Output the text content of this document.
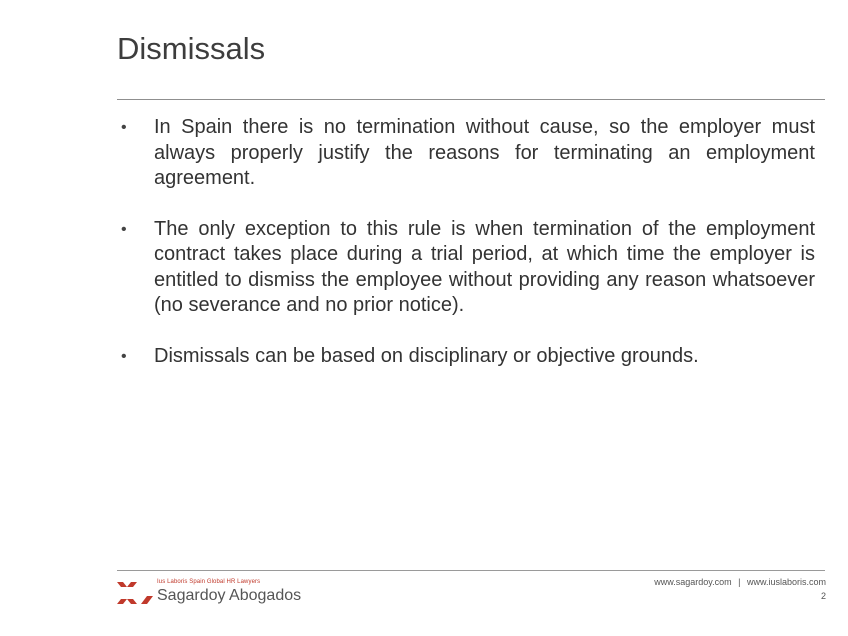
Dismissals
• In Spain there is no termination without cause, so the employer must always properly justify the reasons for terminating an employment agreement.
• The only exception to this rule is when termination of the employment contract takes place during a trial period, at which time the employer is entitled to dismiss the employee without providing any reason whatsoever (no severance and no prior notice).
• Dismissals can be based on disciplinary or objective grounds.
Ius Laboris Spain Global HR Lawyers
Sagardoy Abogados
www.sagardoy.com | www.iuslaboris.com
2
